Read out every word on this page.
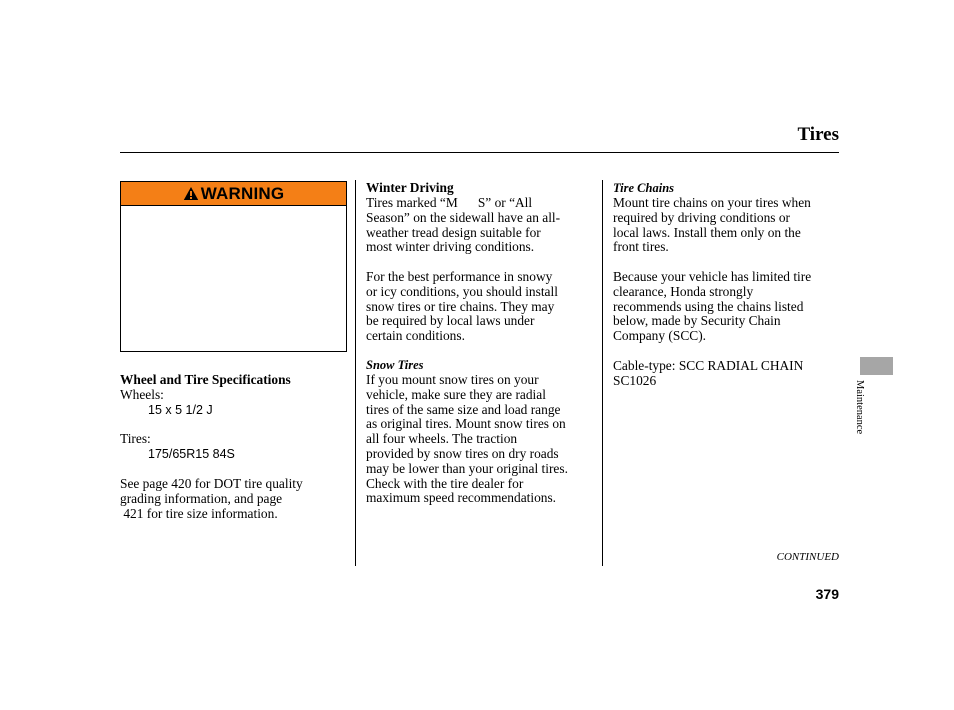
Tires
WARNING
Wheel and Tire Specifications
Wheels:
15 x 5 1/2 J
Tires:
175/65R15 84S
See page 420 for DOT tire quality
grading information, and page
421 for tire size information.
Winter Driving
Tires marked “M  S” or “All
Season” on the sidewall have an all-
weather tread design suitable for
most winter driving conditions.
For the best performance in snowy
or icy conditions, you should install
snow tires or tire chains. They may
be required by local laws under
certain conditions.
Snow Tires
If you mount snow tires on your
vehicle, make sure they are radial
tires of the same size and load range
as original tires. Mount snow tires on
all four wheels. The traction
provided by snow tires on dry roads
may be lower than your original tires.
Check with the tire dealer for
maximum speed recommendations.
Tire Chains
Mount tire chains on your tires when
required by driving conditions or
local laws. Install them only on the
front tires.
Because your vehicle has limited tire
clearance, Honda strongly
recommends using the chains listed
below, made by Security Chain
Company (SCC).
Cable-type: SCC RADIAL CHAIN
SC1026	Maintenance
CONTINUED
379
